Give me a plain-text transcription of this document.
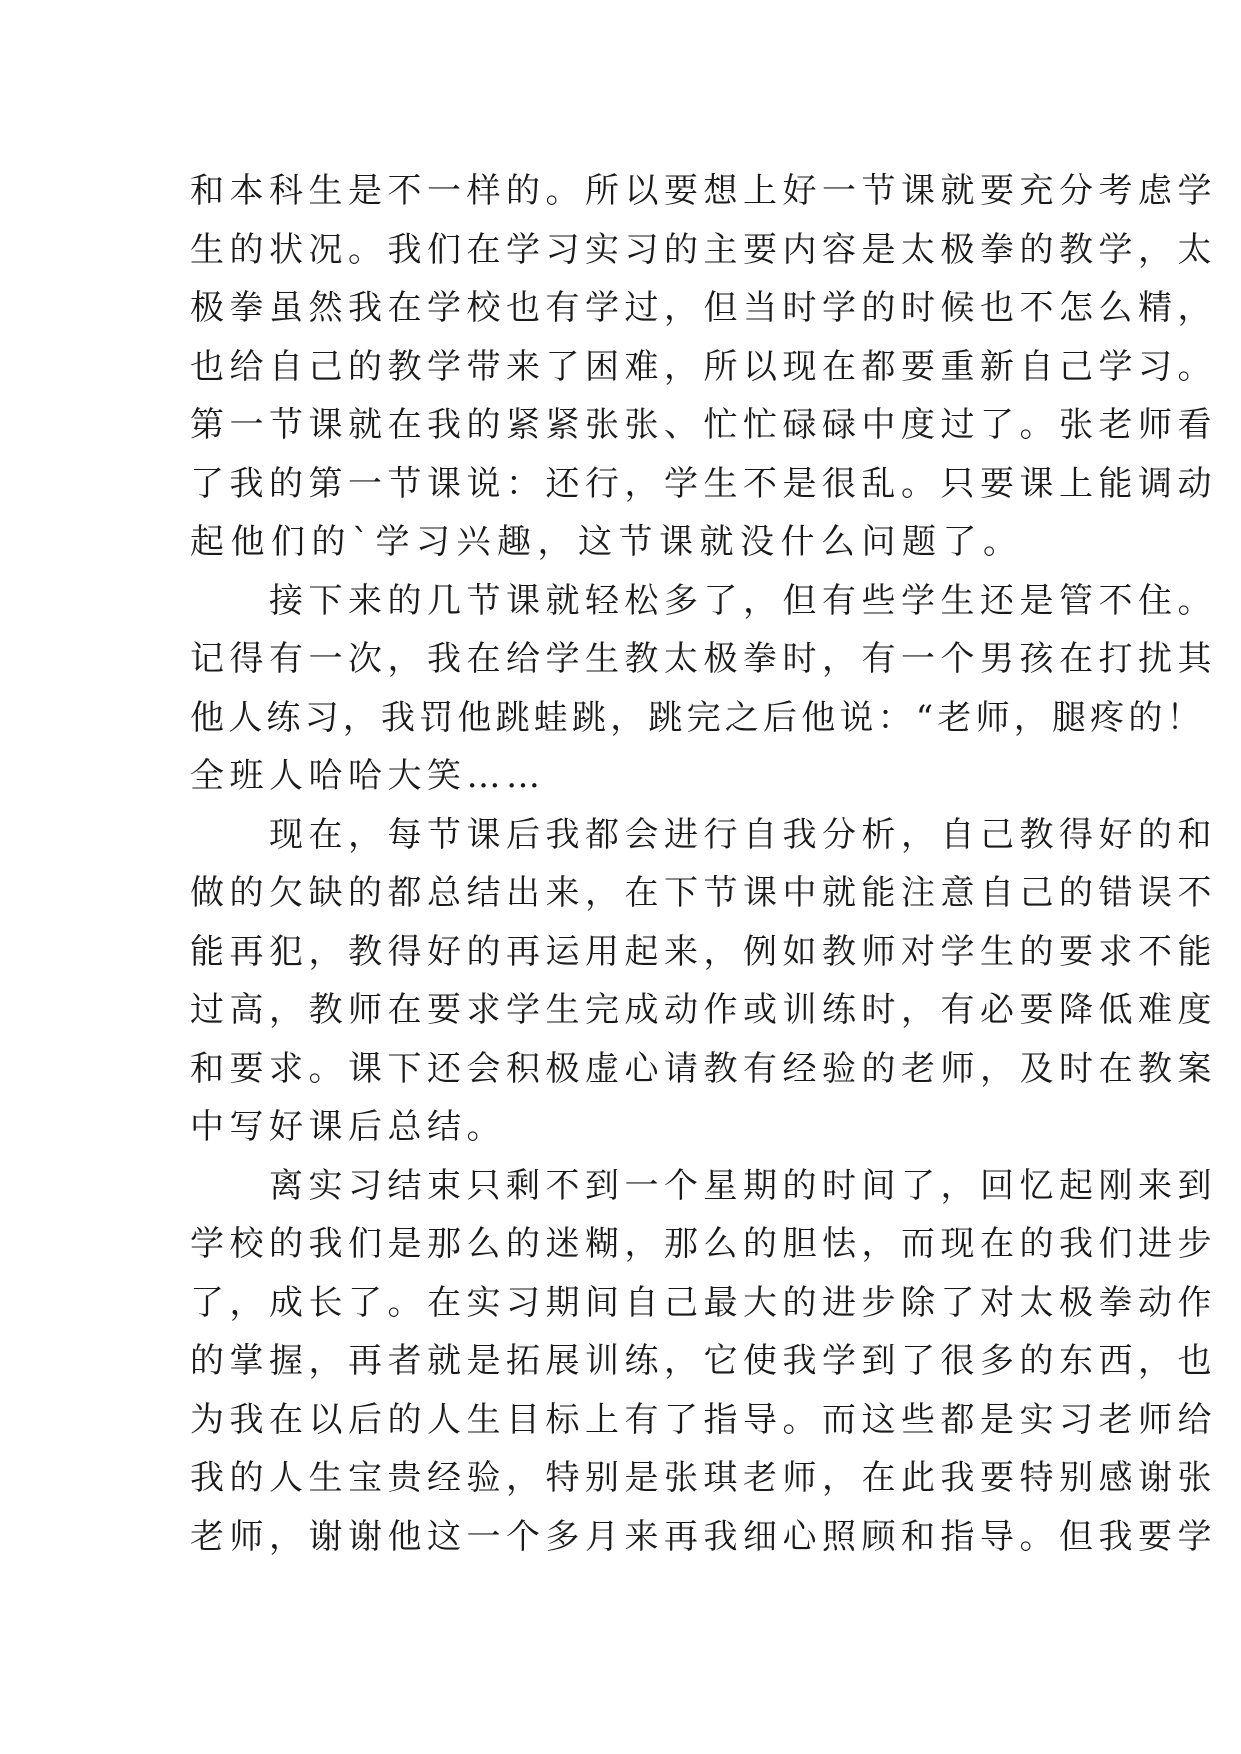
和本科生是不一样的。所以要想上好一节课就要充分考虑学
生的状况。我们在学习实习的主要内容是太极拳的教学，太
极拳虽然我在学校也有学过，但当时学的时候也不怎么精，
也给自己的教学带来了困难，所以现在都要重新自己学习。
第一节课就在我的紧紧张张、忙忙碌碌中度过了。张老师看
了我的第一节课说：还行，学生不是很乱。只要课上能调动
起他们的`学习兴趣，这节课就没什么问题了。
　　接下来的几节课就轻松多了，但有些学生还是管不住。
记得有一次，我在给学生教太极拳时，有一个男孩在打扰其
他人练习，我罚他跳蛙跳，跳完之后他说：“老师，腿疼的！
全班人哈哈大笑……
　　现在，每节课后我都会进行自我分析，自己教得好的和
做的欠缺的都总结出来，在下节课中就能注意自己的错误不
能再犯，教得好的再运用起来，例如教师对学生的要求不能
过高，教师在要求学生完成动作或训练时，有必要降低难度
和要求。课下还会积极虚心请教有经验的老师，及时在教案
中写好课后总结。
　　离实习结束只剩不到一个星期的时间了，回忆起刚来到
学校的我们是那么的迷糊，那么的胆怯，而现在的我们进步
了，成长了。在实习期间自己最大的进步除了对太极拳动作
的掌握，再者就是拓展训练，它使我学到了很多的东西，也
为我在以后的人生目标上有了指导。而这些都是实习老师给
我的人生宝贵经验，特别是张琪老师，在此我要特别感谢张
老师，谢谢他这一个多月来再我细心照顾和指导。但我要学
